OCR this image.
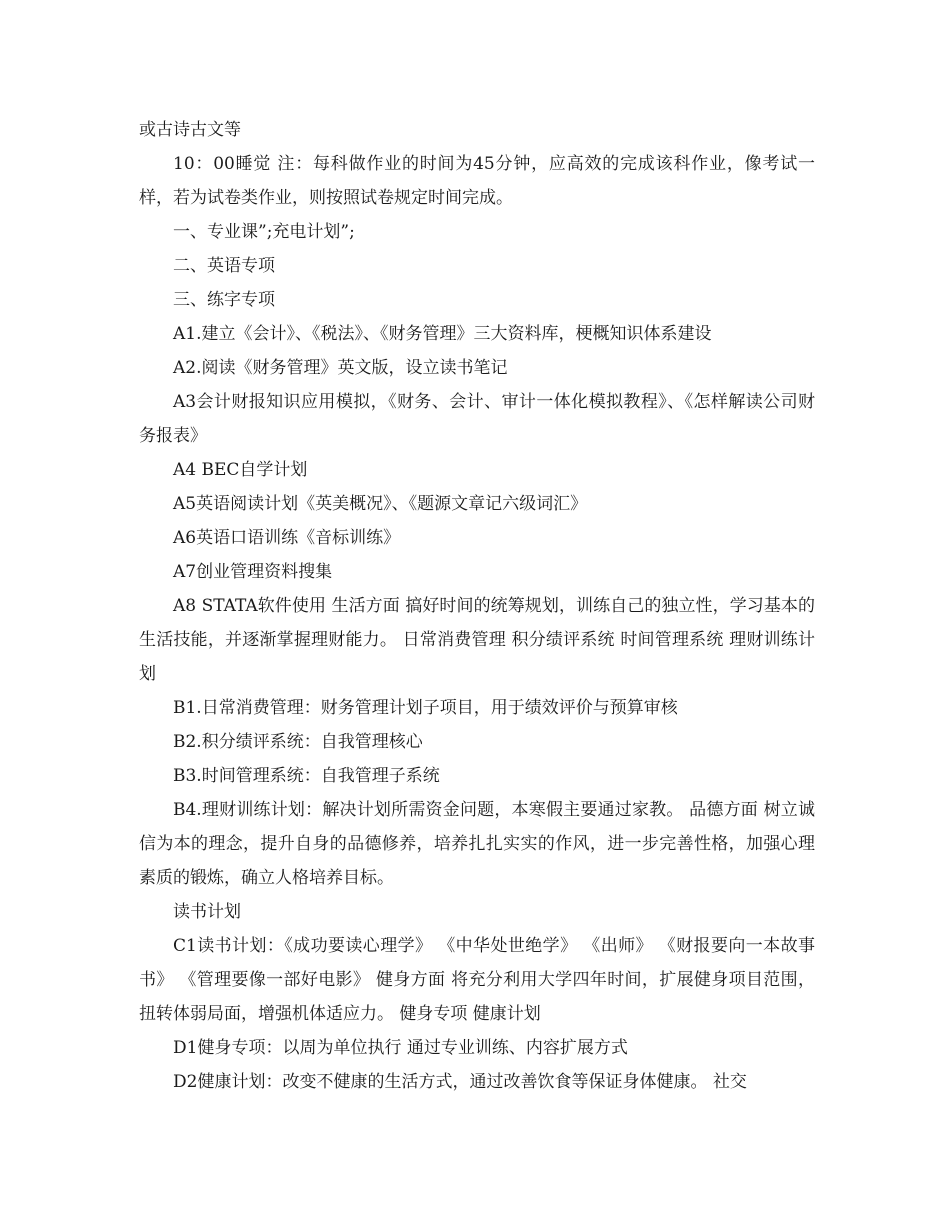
或古诗古文等

10：00睡觉 注：每科做作业的时间为45分钟，应高效的完成该科作业，像考试一样，若为试卷类作业，则按照试卷规定时间完成。

一、专业课”;充电计划”;

二、英语专项

三、练字专项

A1.建立《会计》、《税法》、《财务管理》三大资料库，梗概知识体系建设

A2.阅读《财务管理》英文版，设立读书笔记

A3会计财报知识应用模拟，《财务、会计、审计一体化模拟教程》、《怎样解读公司财务报表》

A4 BEC自学计划

A5英语阅读计划《英美概况》、《题源文章记六级词汇》

A6英语口语训练《音标训练》

A7创业管理资料搜集

A8 STATA软件使用 生活方面 搞好时间的统筹规划，训练自己的独立性，学习基本的生活技能，并逐渐掌握理财能力。 日常消费管理 积分绩评系统 时间管理系统 理财训练计划

B1.日常消费管理：财务管理计划子项目，用于绩效评价与预算审核

B2.积分绩评系统：自我管理核心

B3.时间管理系统：自我管理子系统

B4.理财训练计划：解决计划所需资金问题，本寒假主要通过家教。 品德方面 树立诚信为本的理念，提升自身的品德修养，培养扎扎实实的作风，进一步完善性格，加强心理素质的锻炼，确立人格培养目标。

读书计划

C1读书计划：《成功要读心理学》 《中华处世绝学》 《出师》 《财报要向一本故事书》 《管理要像一部好电影》 健身方面 将充分利用大学四年时间，扩展健身项目范围，扭转体弱局面，增强机体适应力。 健身专项 健康计划

D1健身专项：以周为单位执行 通过专业训练、内容扩展方式

D2健康计划：改变不健康的生活方式，通过改善饮食等保证身体健康。 社交
